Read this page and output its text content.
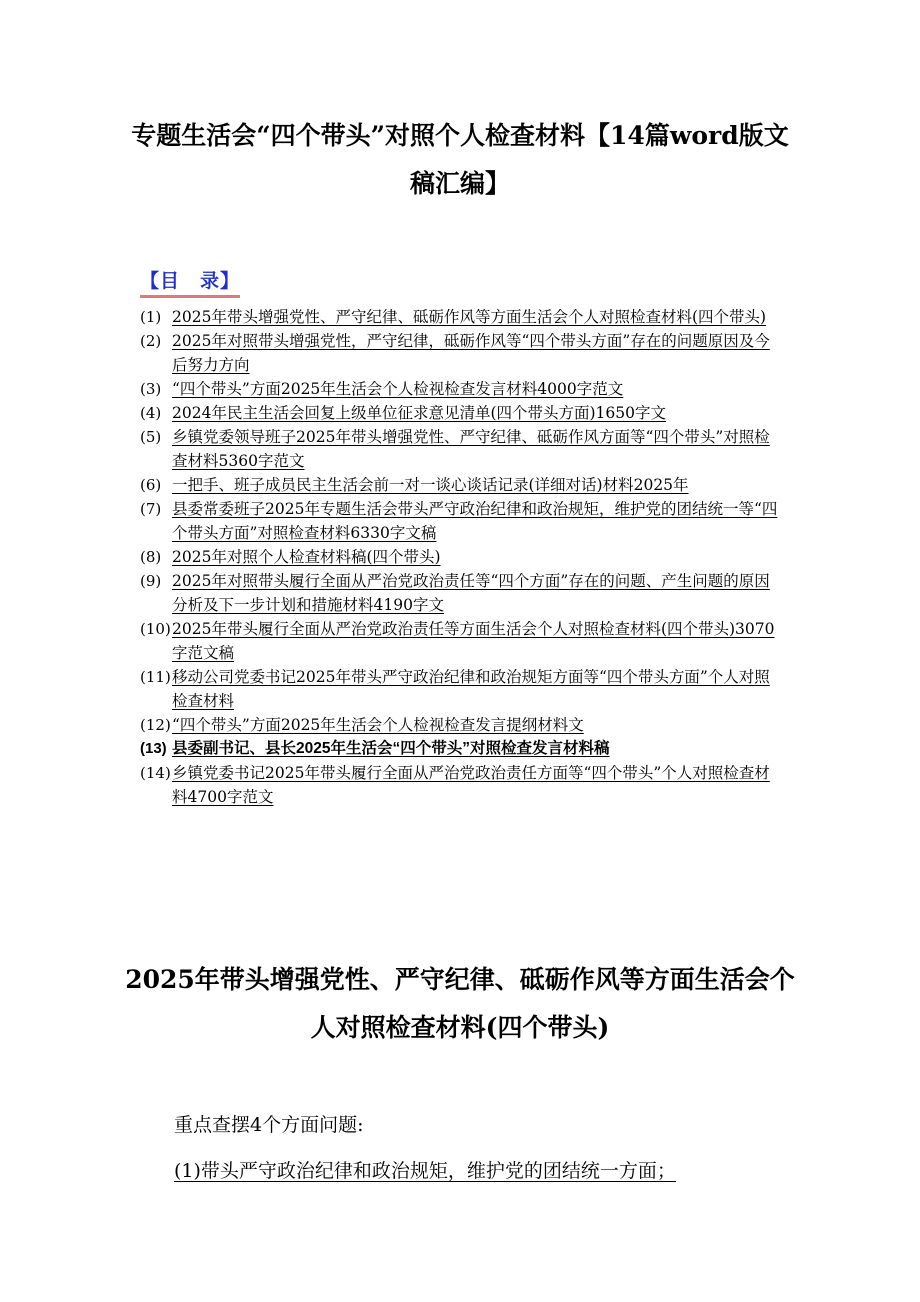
专题生活会“四个带头”对照个人检查材料【14篇word版文稿汇编】
【目　录】
(1) 2025年带头增强党性、严守纪律、砥砺作风等方面生活会个人对照检查材料(四个带头)
(2) 2025年对照带头增强党性，严守纪律，砥砺作风等“四个带头方面”存在的问题原因及今后努力方向
(3) “四个带头”方面2025年生活会个人检视检查发言材料4000字范文
(4) 2024年民主生活会回复上级单位征求意见清单(四个带头方面)1650字文
(5) 乡镇党委领导班子2025年带头增强党性、严守纪律、砥砺作风方面等“四个带头”对照检查材料5360字范文
(6) 一把手、班子成员民主生活会前一对一谈心谈话记录(详细对话)材料2025年
(7) 县委常委班子2025年专题生活会带头严守政治纪律和政治规矩，维护党的团结统一等“四个带头方面”对照检查材料6330字文稿
(8) 2025年对照个人检查材料稿(四个带头)
(9) 2025年对照带头履行全面从严治党政治责任等“四个方面”存在的问题、产生问题的原因分析及下一步计划和措施材料4190字文
(10) 2025年带头履行全面从严治党政治责任等方面生活会个人对照检查材料(四个带头)3070字范文稿
(11) 移动公司党委书记2025年带头严守政治纪律和政治规矩方面等“四个带头方面”个人对照检查材料
(12) “四个带头”方面2025年生活会个人检视检查发言提纲材料文
(13) 县委副书记、县长2025年生活会“四个带头”对照检查发言材料稿
(14) 乡镇党委书记2025年带头履行全面从严治党政治责任方面等“四个带头”个人对照检查材料4700字范文
2025年带头增强党性、严守纪律、砥砺作风等方面生活会个人对照检查材料(四个带头)
重点查摆4个方面问题:
(1)带头严守政治纪律和政治规矩，维护党的团结统一方面；
